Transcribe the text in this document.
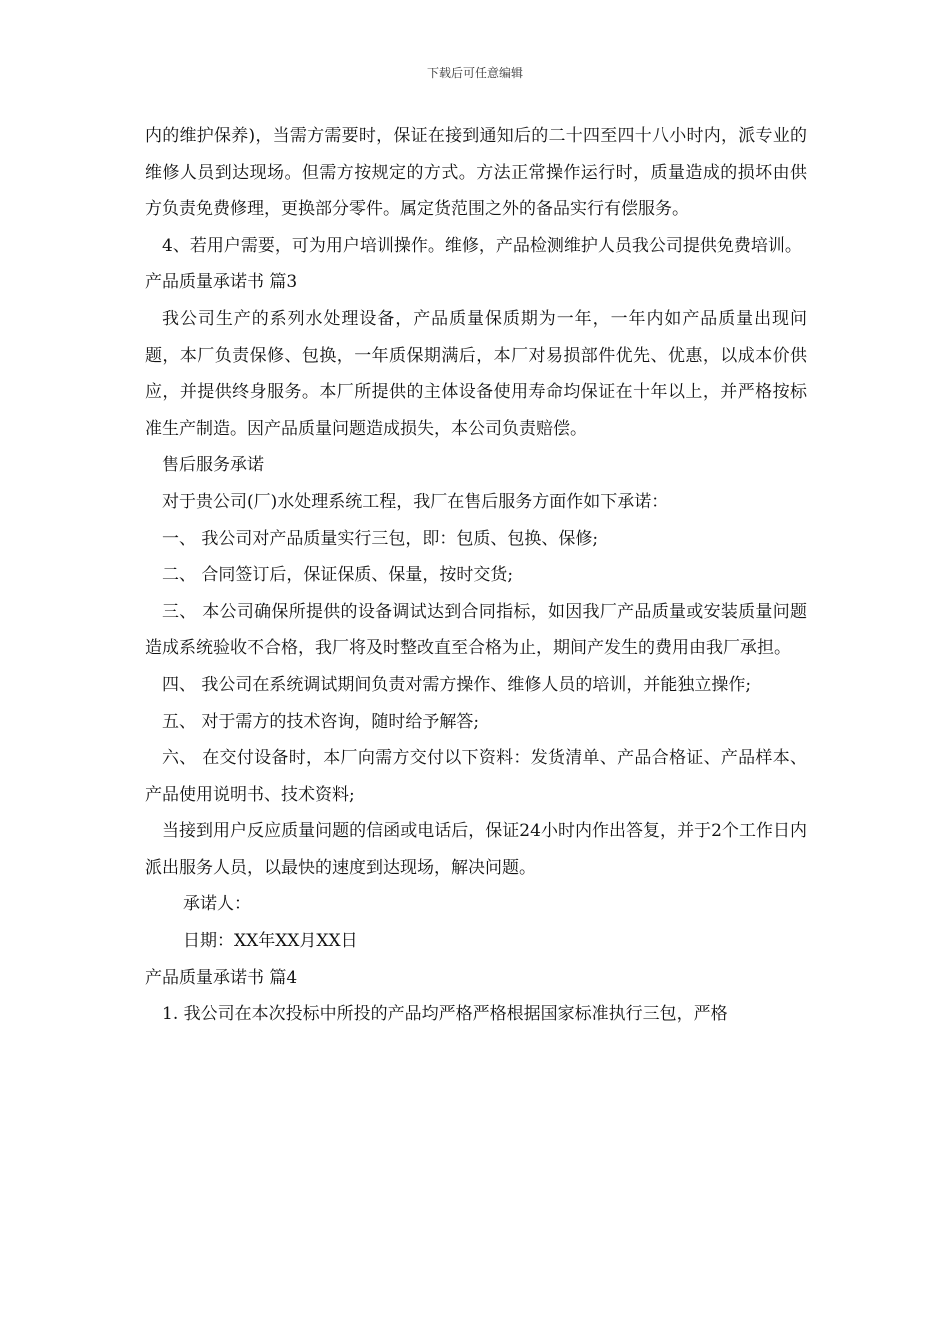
下载后可任意编辑

内的维护保养)，当需方需要时，保证在接到通知后的二十四至四十八小时内，派专业的维修人员到达现场。但需方按规定的方式。方法正常操作运行时，质量造成的损坏由供方负责免费修理，更换部分零件。属定货范围之外的备品实行有偿服务。

4、若用户需要，可为用户培训操作。维修，产品检测维护人员我公司提供免费培训。

产品质量承诺书 篇3

我公司生产的系列水处理设备，产品质量保质期为一年，一年内如产品质量出现问题，本厂负责保修、包换，一年质保期满后，本厂对易损部件优先、优惠，以成本价供应，并提供终身服务。本厂所提供的主体设备使用寿命均保证在十年以上，并严格按标准生产制造。因产品质量问题造成损失，本公司负责赔偿。

售后服务承诺

对于贵公司(厂)水处理系统工程，我厂在售后服务方面作如下承诺：

一、 我公司对产品质量实行三包，即：包质、包换、保修;

二、 合同签订后，保证保质、保量，按时交货;

三、 本公司确保所提供的设备调试达到合同指标，如因我厂产品质量或安装质量问题造成系统验收不合格，我厂将及时整改直至合格为止，期间产发生的费用由我厂承担。

四、 我公司在系统调试期间负责对需方操作、维修人员的培训，并能独立操作;

五、 对于需方的技术咨询，随时给予解答;

六、 在交付设备时，本厂向需方交付以下资料：发货清单、产品合格证、产品样本、产品使用说明书、技术资料;

当接到用户反应质量问题的信函或电话后，保证24小时内作出答复，并于2个工作日内派出服务人员，以最快的速度到达现场，解决问题。

承诺人：

日期：XX年XX月XX日

产品质量承诺书 篇4

1. 我公司在本次投标中所投的产品均严格严格根据国家标准执行三包，严格
